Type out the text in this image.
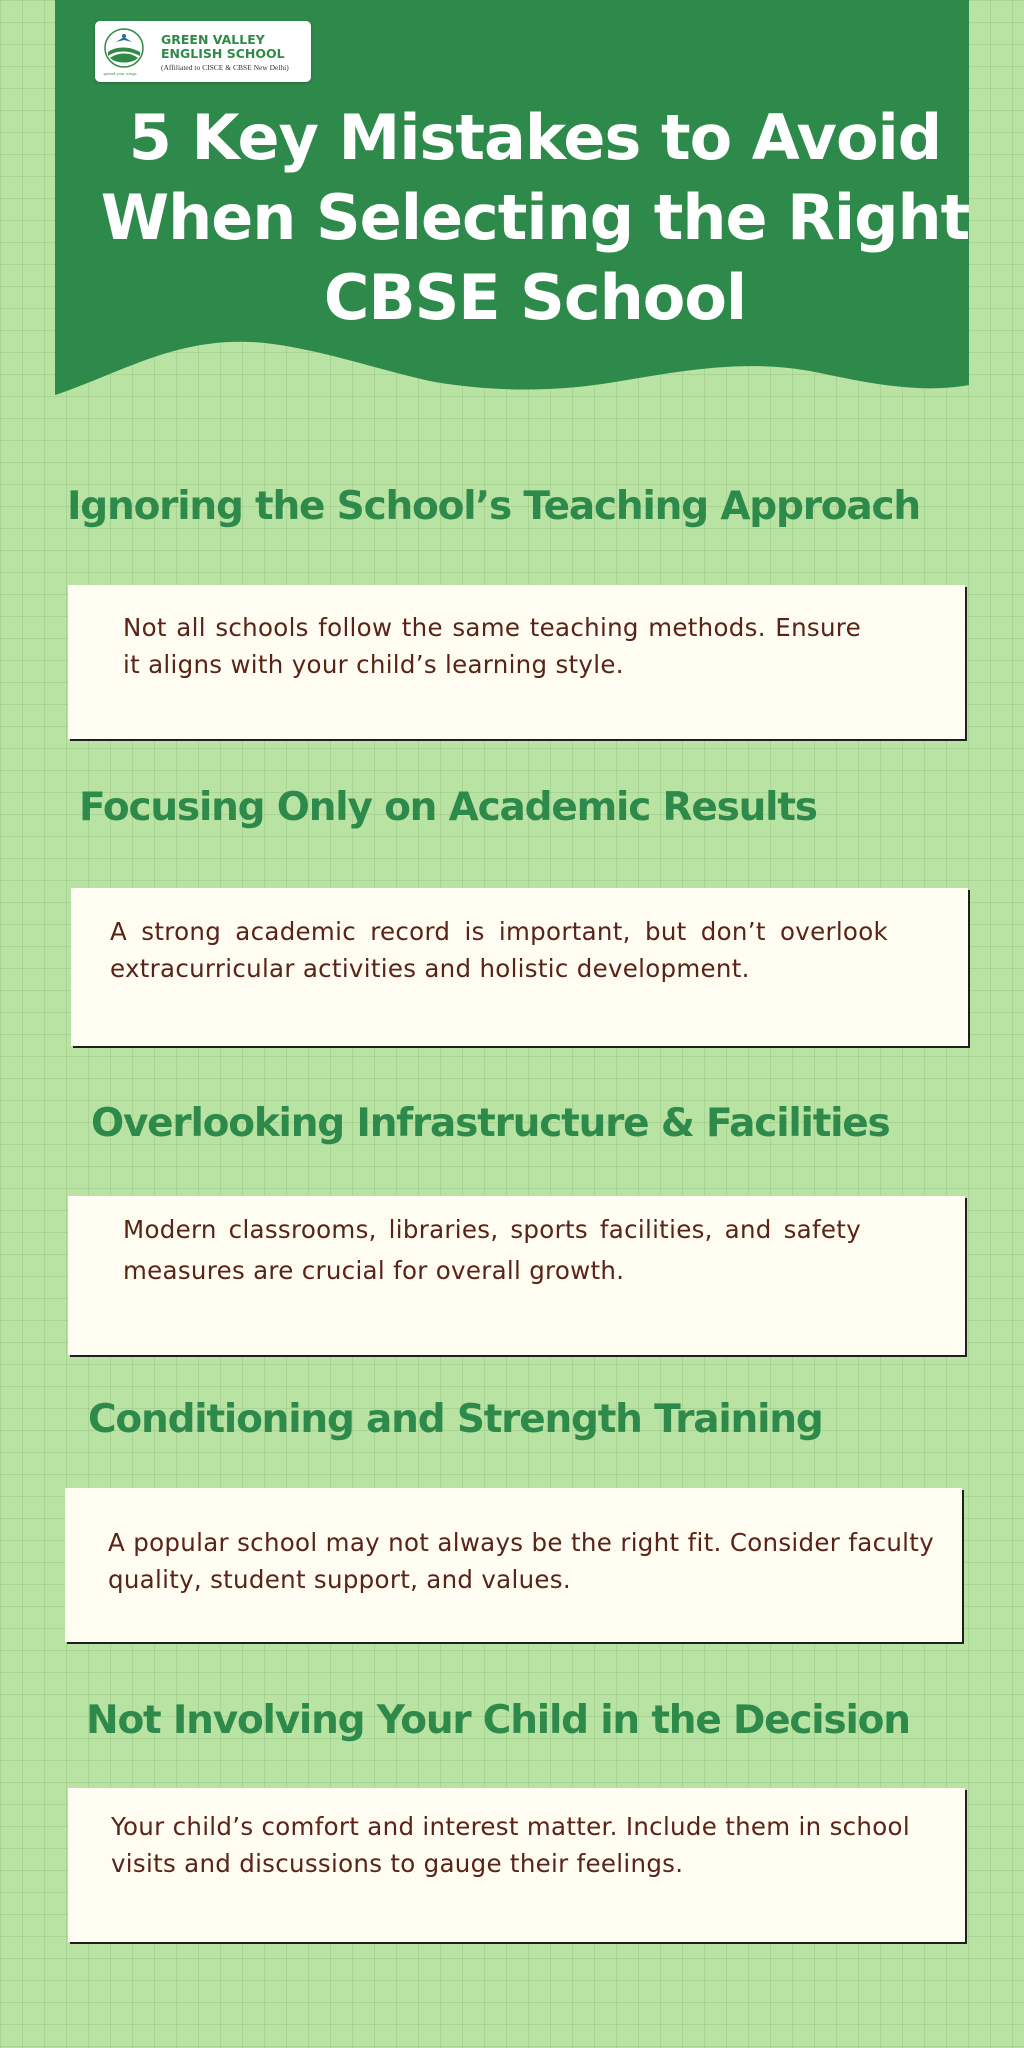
GREEN VALLEY
ENGLISH SCHOOL
(Affiliated to CISCE & CBSE New Delhi)
spread your wings
5 Key Mistakes to Avoid When Selecting the Right CBSE School
Ignoring the School’s Teaching Approach

Not all schools follow the same teaching methods. Ensure it aligns with your child’s learning style.

Focusing Only on Academic Results

A strong academic record is important, but don’t overlook extracurricular activities and holistic development.

Overlooking Infrastructure & Facilities

Modern classrooms, libraries, sports facilities, and safety measures are crucial for overall growth.

Conditioning and Strength Training

A popular school may not always be the right fit. Consider faculty quality, student support, and values.

Not Involving Your Child in the Decision

Your child’s comfort and interest matter. Include them in school visits and discussions to gauge their feelings.
